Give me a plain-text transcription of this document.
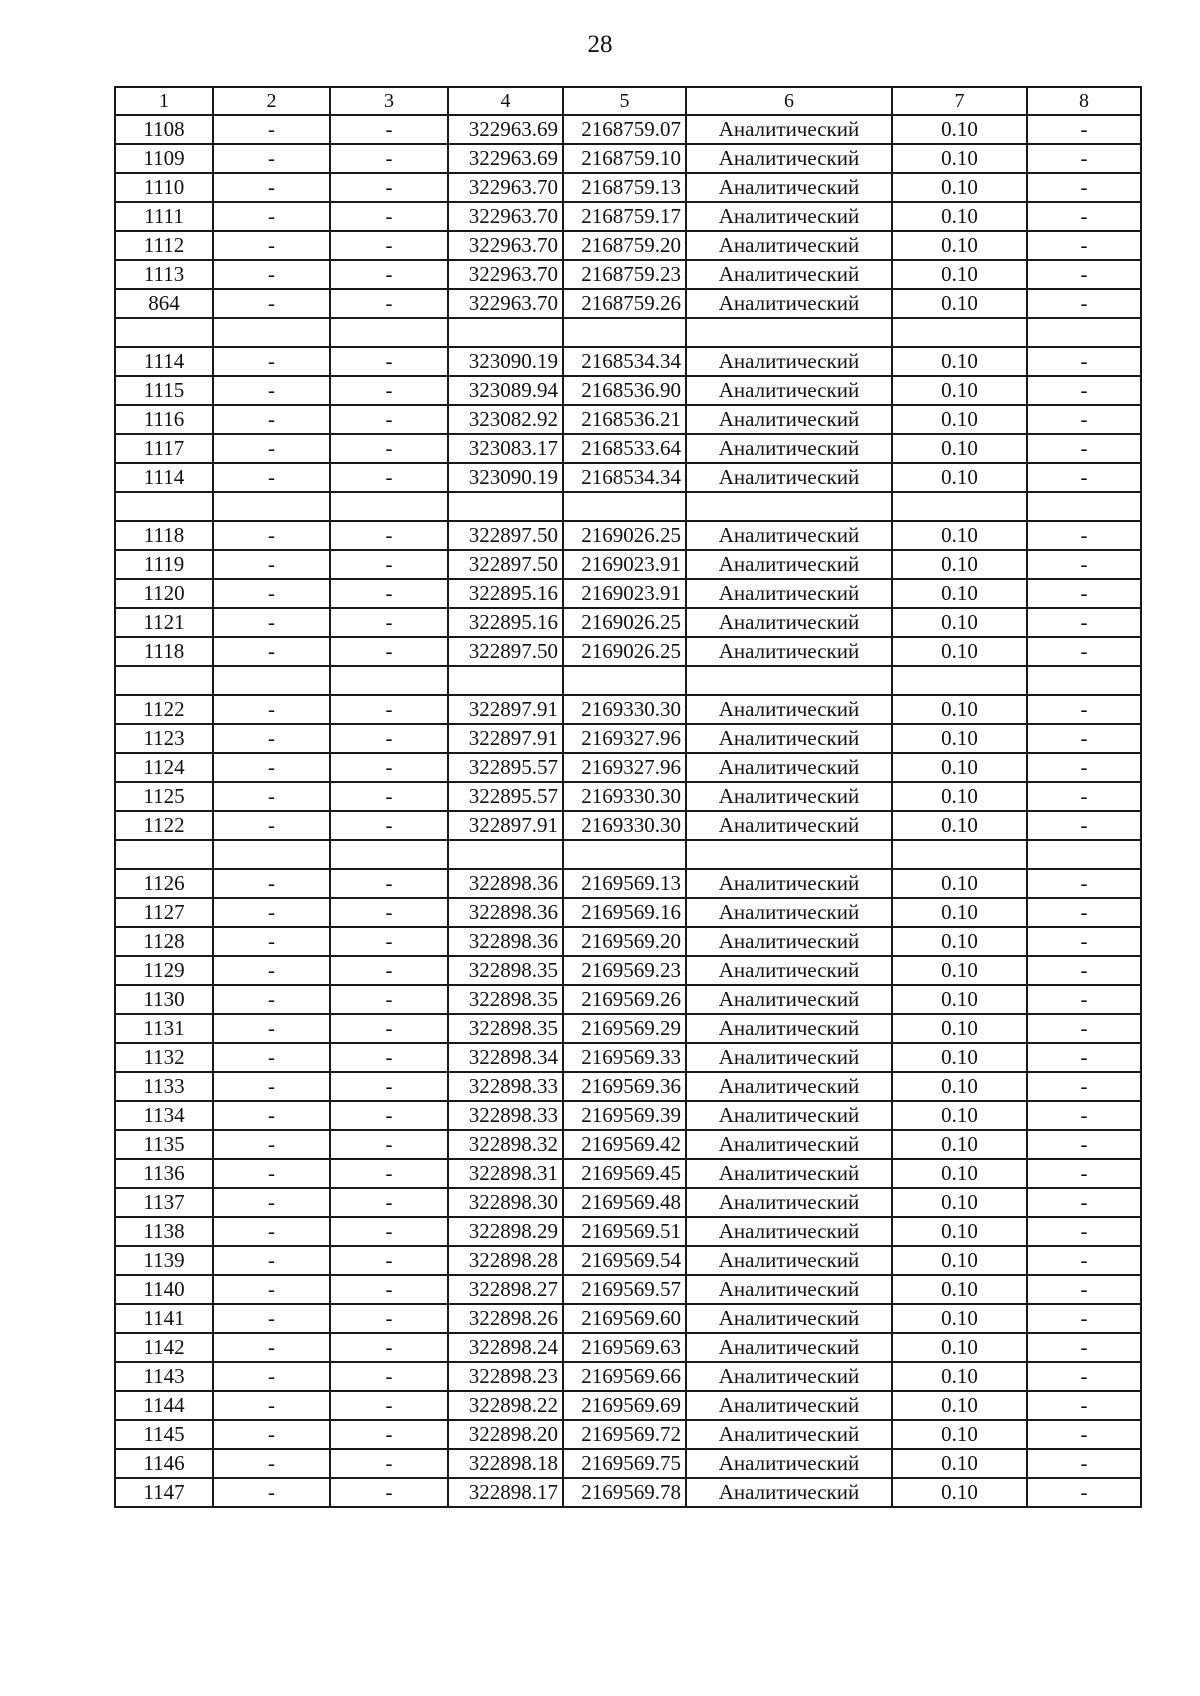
28
1	2	3	4	5	6	7	8
1108	-	-	322963.69	2168759.07	Аналитический	0.10	-
1109	-	-	322963.69	2168759.10	Аналитический	0.10	-
1110	-	-	322963.70	2168759.13	Аналитический	0.10	-
1111	-	-	322963.70	2168759.17	Аналитический	0.10	-
1112	-	-	322963.70	2168759.20	Аналитический	0.10	-
1113	-	-	322963.70	2168759.23	Аналитический	0.10	-
864	-	-	322963.70	2168759.26	Аналитический	0.10	-

1114	-	-	323090.19	2168534.34	Аналитический	0.10	-
1115	-	-	323089.94	2168536.90	Аналитический	0.10	-
1116	-	-	323082.92	2168536.21	Аналитический	0.10	-
1117	-	-	323083.17	2168533.64	Аналитический	0.10	-
1114	-	-	323090.19	2168534.34	Аналитический	0.10	-

1118	-	-	322897.50	2169026.25	Аналитический	0.10	-
1119	-	-	322897.50	2169023.91	Аналитический	0.10	-
1120	-	-	322895.16	2169023.91	Аналитический	0.10	-
1121	-	-	322895.16	2169026.25	Аналитический	0.10	-
1118	-	-	322897.50	2169026.25	Аналитический	0.10	-

1122	-	-	322897.91	2169330.30	Аналитический	0.10	-
1123	-	-	322897.91	2169327.96	Аналитический	0.10	-
1124	-	-	322895.57	2169327.96	Аналитический	0.10	-
1125	-	-	322895.57	2169330.30	Аналитический	0.10	-
1122	-	-	322897.91	2169330.30	Аналитический	0.10	-

1126	-	-	322898.36	2169569.13	Аналитический	0.10	-
1127	-	-	322898.36	2169569.16	Аналитический	0.10	-
1128	-	-	322898.36	2169569.20	Аналитический	0.10	-
1129	-	-	322898.35	2169569.23	Аналитический	0.10	-
1130	-	-	322898.35	2169569.26	Аналитический	0.10	-
1131	-	-	322898.35	2169569.29	Аналитический	0.10	-
1132	-	-	322898.34	2169569.33	Аналитический	0.10	-
1133	-	-	322898.33	2169569.36	Аналитический	0.10	-
1134	-	-	322898.33	2169569.39	Аналитический	0.10	-
1135	-	-	322898.32	2169569.42	Аналитический	0.10	-
1136	-	-	322898.31	2169569.45	Аналитический	0.10	-
1137	-	-	322898.30	2169569.48	Аналитический	0.10	-
1138	-	-	322898.29	2169569.51	Аналитический	0.10	-
1139	-	-	322898.28	2169569.54	Аналитический	0.10	-
1140	-	-	322898.27	2169569.57	Аналитический	0.10	-
1141	-	-	322898.26	2169569.60	Аналитический	0.10	-
1142	-	-	322898.24	2169569.63	Аналитический	0.10	-
1143	-	-	322898.23	2169569.66	Аналитический	0.10	-
1144	-	-	322898.22	2169569.69	Аналитический	0.10	-
1145	-	-	322898.20	2169569.72	Аналитический	0.10	-
1146	-	-	322898.18	2169569.75	Аналитический	0.10	-
1147	-	-	322898.17	2169569.78	Аналитический	0.10	-
